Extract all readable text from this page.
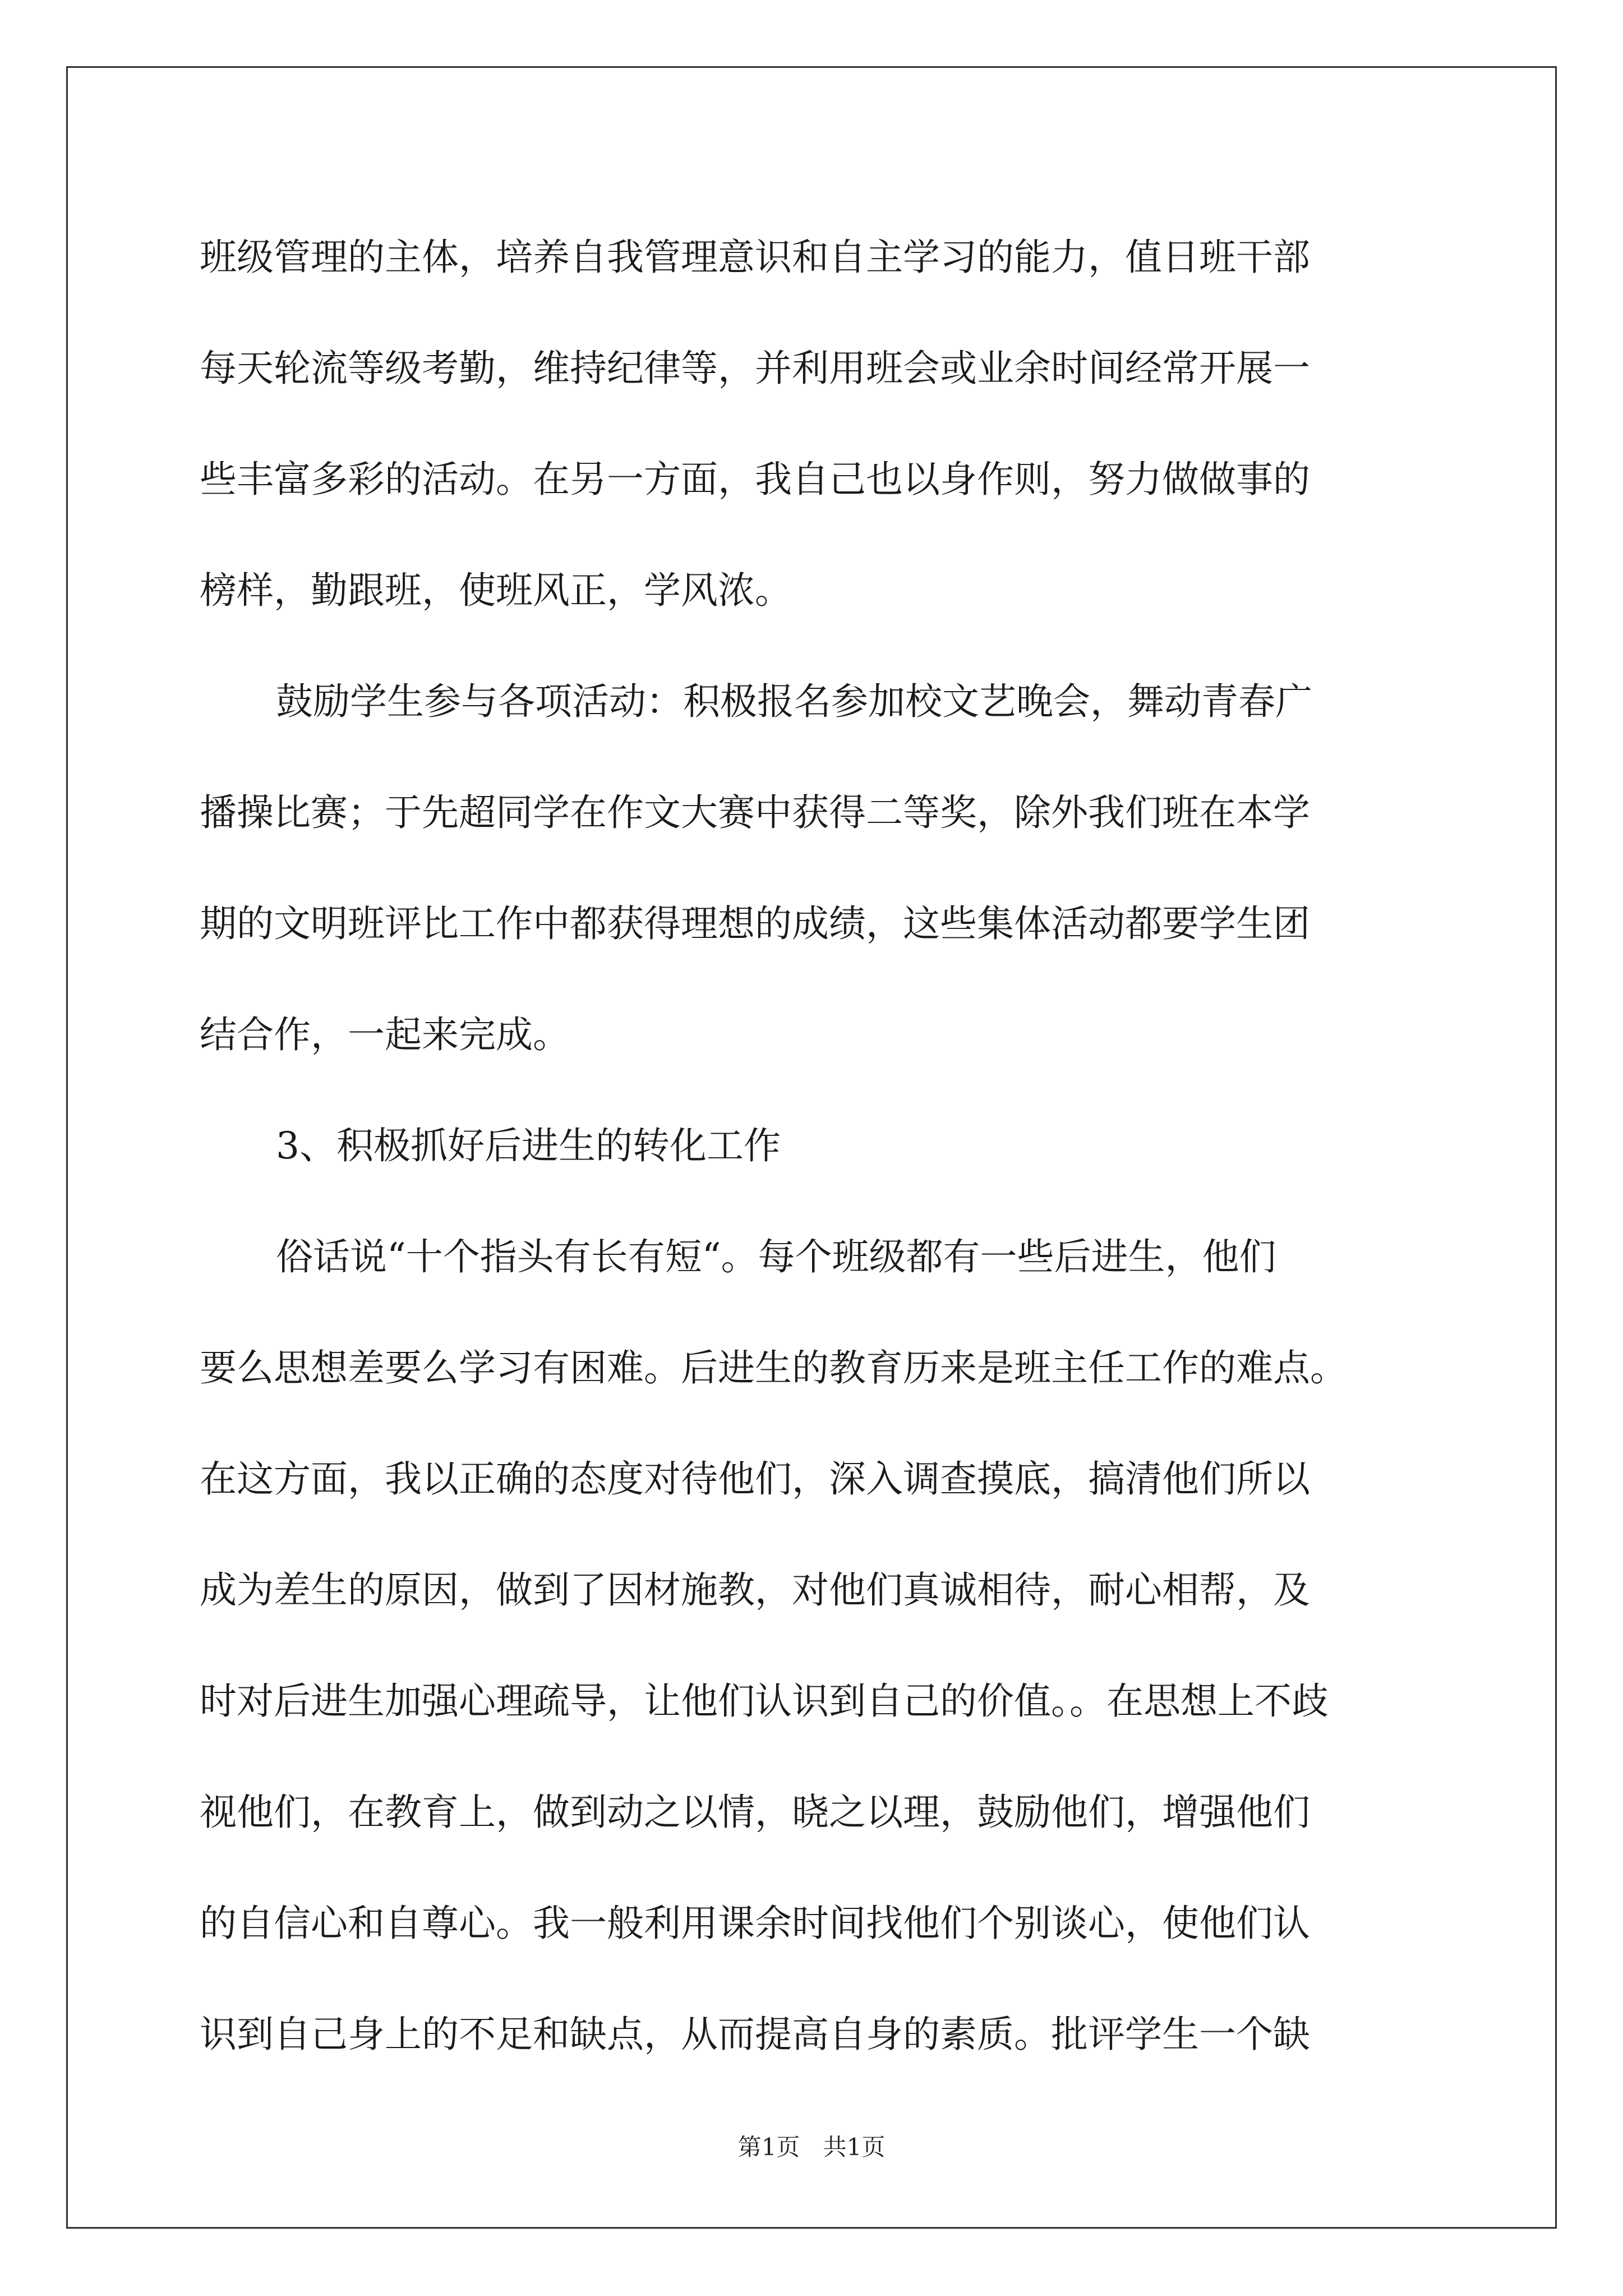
班级管理的主体，培养自我管理意识和自主学习的能力，值日班干部
每天轮流等级考勤，维持纪律等，并利用班会或业余时间经常开展一
些丰富多彩的活动。在另一方面，我自己也以身作则，努力做做事的
榜样，勤跟班，使班风正，学风浓。
鼓励学生参与各项活动：积极报名参加校文艺晚会，舞动青春广
播操比赛；于先超同学在作文大赛中获得二等奖，除外我们班在本学
期的文明班评比工作中都获得理想的成绩，这些集体活动都要学生团
结合作，一起来完成。
3、积极抓好后进生的转化工作
俗话说“十个指头有长有短“。每个班级都有一些后进生，他们
要么思想差要么学习有困难。后进生的教育历来是班主任工作的难点。
在这方面，我以正确的态度对待他们，深入调查摸底，搞清他们所以
成为差生的原因，做到了因材施教，对他们真诚相待，耐心相帮，及
时对后进生加强心理疏导，让他们认识到自己的价值。。在思想上不歧
视他们，在教育上，做到动之以情，晓之以理，鼓励他们，增强他们
的自信心和自尊心。我一般利用课余时间找他们个别谈心，使他们认
识到自己身上的不足和缺点，从而提高自身的素质。批评学生一个缺
第1页 共1页
